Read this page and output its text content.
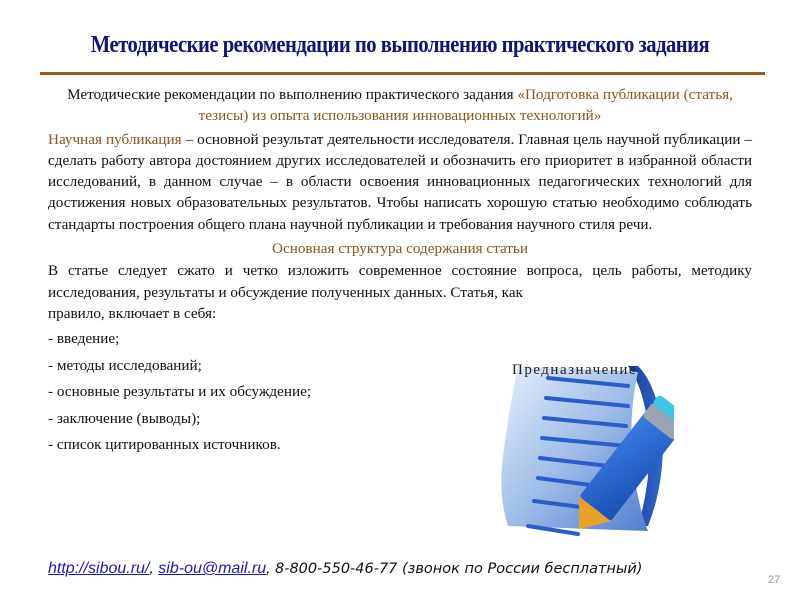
Методические рекомендации по выполнению практического задания

Методические рекомендации по выполнению практического задания «Подготовка публикации (статья, тезисы) из опыта использования инновационных технологий»

Научная публикация – основной результат деятельности исследователя. Главная цель научной публикации – сделать работу автора достоянием других исследователей и обозначить его приоритет в избранной области исследований, в данном случае – в области освоения инновационных педагогических технологий для достижения новых образовательных результатов. Чтобы написать хорошую статью необходимо соблюдать стандарты построения общего плана научной публикации и требования научного стиля речи.

Основная структура содержания статьи

В статье следует сжато и четко изложить современное состояние вопроса, цель работы, методику исследования, результаты и обсуждение полученных данных. Статья, как
правило, включает в себя:

- введение;
- методы исследований;
- основные результаты и их обсуждение;
- заключение (выводы);
- список цитированных источников.
Предназначение
http://sibou.ru/, sib-ou@mail.ru, 8-800-550-46-77 (звонок по России бесплатный)
27
